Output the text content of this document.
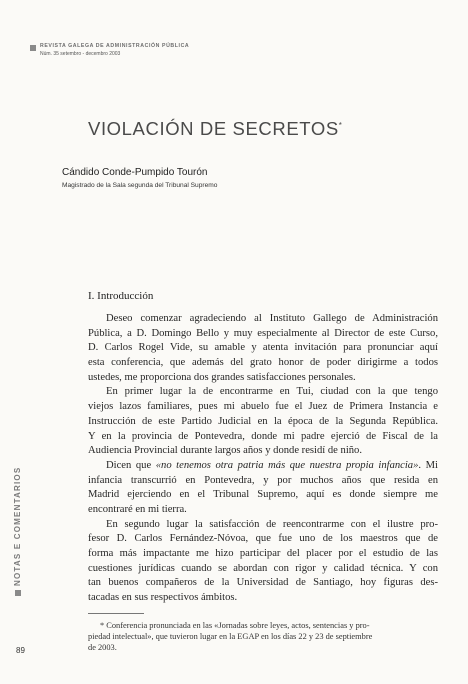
REVISTA GALEGA DE ADMINISTRACIÓN PÚBLICA
Núm. 35 setembro - decembro 2003
VIOLACIÓN DE SECRETOS*
Cándido Conde-Pumpido Tourón
Magistrado de la Sala segunda del Tribunal Supremo
I. Introducción
Deseo comenzar agradeciendo al Instituto Gallego de Administración
Pública, a D. Domingo Bello y muy especialmente al Director de este Curso,
D. Carlos Rogel Vide, su amable y atenta invitación para pronunciar aquí
esta conferencia, que además del grato honor de poder dirigirme a todos
ustedes, me proporciona dos grandes satisfacciones personales.
En primer lugar la de encontrarme en Tui, ciudad con la que tengo
viejos lazos familiares, pues mi abuelo fue el Juez de Primera Instancia e
Instrucción de este Partido Judicial en la época de la Segunda República.
Y en la provincia de Pontevedra, donde mi padre ejerció de Fiscal de la
Audiencia Provincial durante largos años y donde residí de niño.
Dicen que «no tenemos otra patria más que nuestra propia infancia». Mi
infancia transcurrió en Pontevedra, y por muchos años que resida en
Madrid ejerciendo en el Tribunal Supremo, aquí es donde siempre me
encontraré en mi tierra.
En segundo lugar la satisfacción de reencontrarme con el ilustre pro-
fesor D. Carlos Fernández-Nóvoa, que fue uno de los maestros que de
forma más impactante me hizo participar del placer por el estudio de las
cuestiones jurídicas cuando se abordan con rigor y calidad técnica. Y con
tan buenos compañeros de la Universidad de Santiago, hoy figuras des-
tacadas en sus respectivos ámbitos.
NOTAS E COMENTARIOS
89
* Conferencia pronunciada en las «Jornadas sobre leyes, actos, sentencias y pro-
piedad intelectual», que tuvieron lugar en la EGAP en los días 22 y 23 de septiembre
de 2003.
